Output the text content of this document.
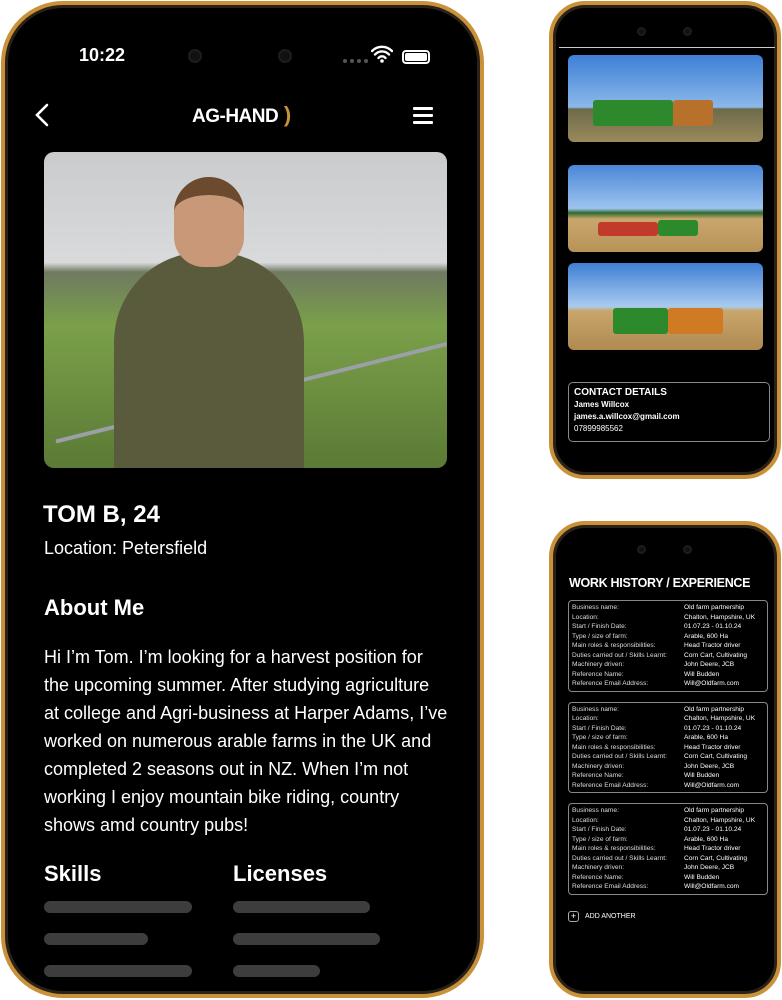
10:22
AG-HAND )
TOM B, 24
Location: Petersfield
About Me
Hi I’m Tom. I’m looking for a harvest position for the upcoming summer. After studying agriculture at college and Agri-business at Harper Adams, I’ve worked on numerous arable farms in the UK and completed 2 seasons out in NZ. When I’m not working I enjoy mountain bike riding, country shows amd country pubs!
Skills	Licenses
CONTACT DETAILS
James Willcox
james.a.willcox@gmail.com
07899985562
WORK HISTORY / EXPERIENCE
Business name:	Old farm partnership
Location:	Chalton, Hampshire, UK
Start / Finish Date:	01.07.23 - 01.10.24
Type / size of farm:	Arable, 600 Ha
Main roles & responsibilities:	Head Tractor driver
Duties carried out / Skills Learnt:	Corn Cart, Cultivating
Machinery driven:	John Deere, JCB
Reference Name:	Will Budden
Reference Email Address:	Will@Oldfarm.com
Business name:	Old farm partnership
Location:	Chalton, Hampshire, UK
Start / Finish Date:	01.07.23 - 01.10.24
Type / size of farm:	Arable, 600 Ha
Main roles & responsibilities:	Head Tractor driver
Duties carried out / Skills Learnt:	Corn Cart, Cultivating
Machinery driven:	John Deere, JCB
Reference Name:	Will Budden
Reference Email Address:	Will@Oldfarm.com
Business name:	Old farm partnership
Location:	Chalton, Hampshire, UK
Start / Finish Date:	01.07.23 - 01.10.24
Type / size of farm:	Arable, 600 Ha
Main roles & responsibilities:	Head Tractor driver
Duties carried out / Skills Learnt:	Corn Cart, Cultivating
Machinery driven:	John Deere, JCB
Reference Name:	Will Budden
Reference Email Address:	Will@Oldfarm.com
+	ADD ANOTHER
